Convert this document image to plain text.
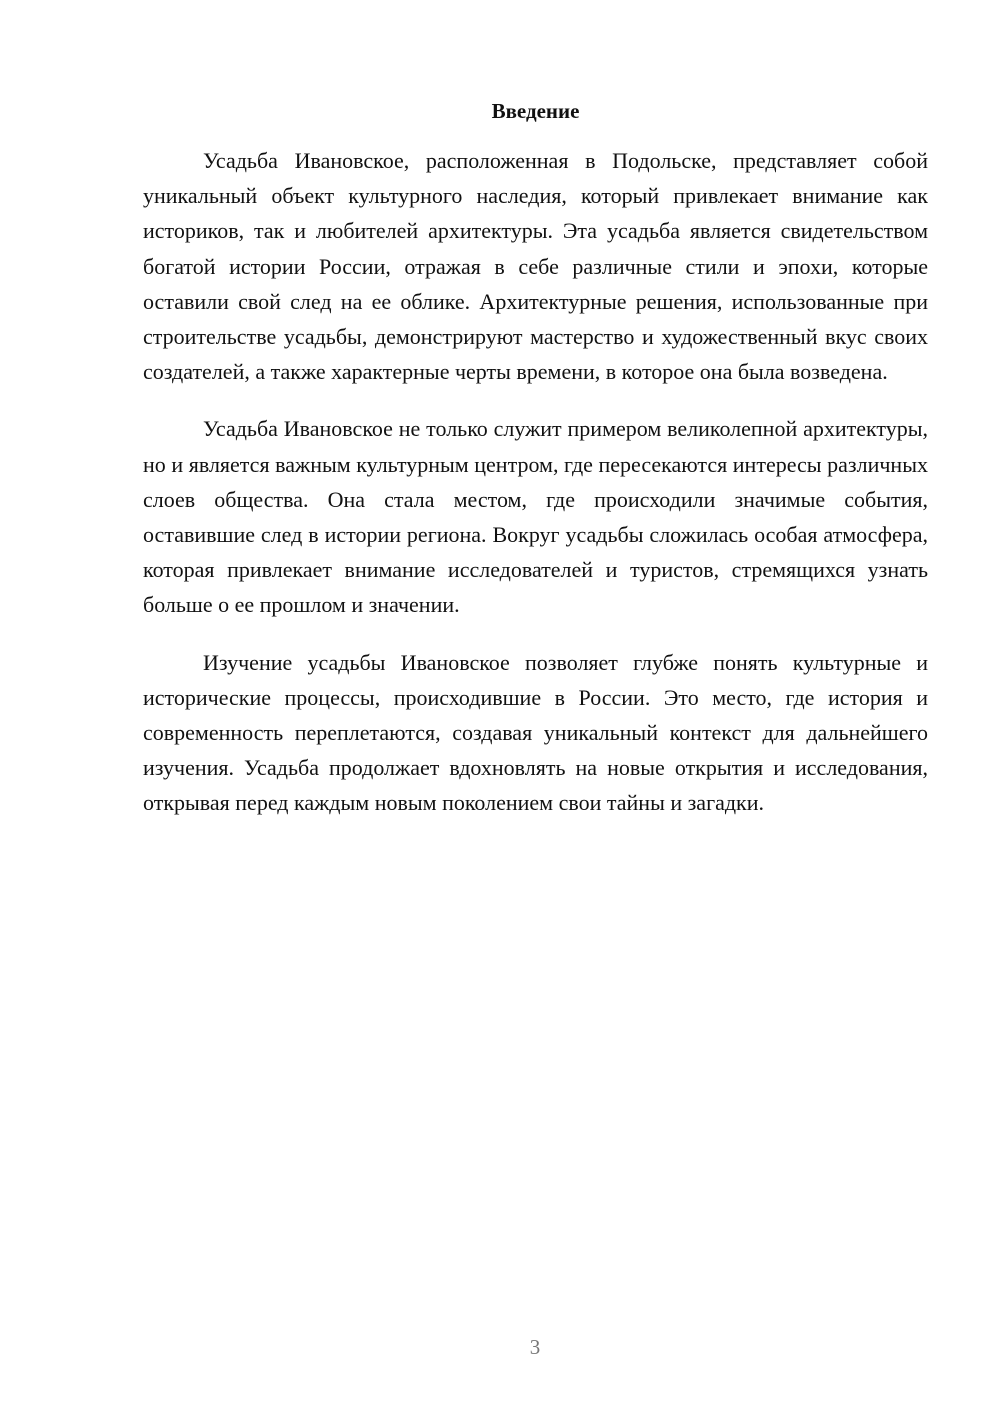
Введение

Усадьба Ивановское, расположенная в Подольске, представляет собой уникальный объект культурного наследия, который привлекает внимание как историков, так и любителей архитектуры. Эта усадьба является свидетельством богатой истории России, отражая в себе различные стили и эпохи, которые оставили свой след на ее облике. Архитектурные решения, использованные при строительстве усадьбы, демонстрируют мастерство и художественный вкус своих создателей, а также характерные черты времени, в которое она была возведена.

Усадьба Ивановское не только служит примером великолепной архитектуры, но и является важным культурным центром, где пересекаются интересы различных слоев общества. Она стала местом, где происходили значимые события, оставившие след в истории региона. Вокруг усадьбы сложилась особая атмосфера, которая привлекает внимание исследователей и туристов, стремящихся узнать больше о ее прошлом и значении.

Изучение усадьбы Ивановское позволяет глубже понять культурные и исторические процессы, происходившие в России. Это место, где история и современность переплетаются, создавая уникальный контекст для дальнейшего изучения. Усадьба продолжает вдохновлять на новые открытия и исследования, открывая перед каждым новым поколением свои тайны и загадки.

3
